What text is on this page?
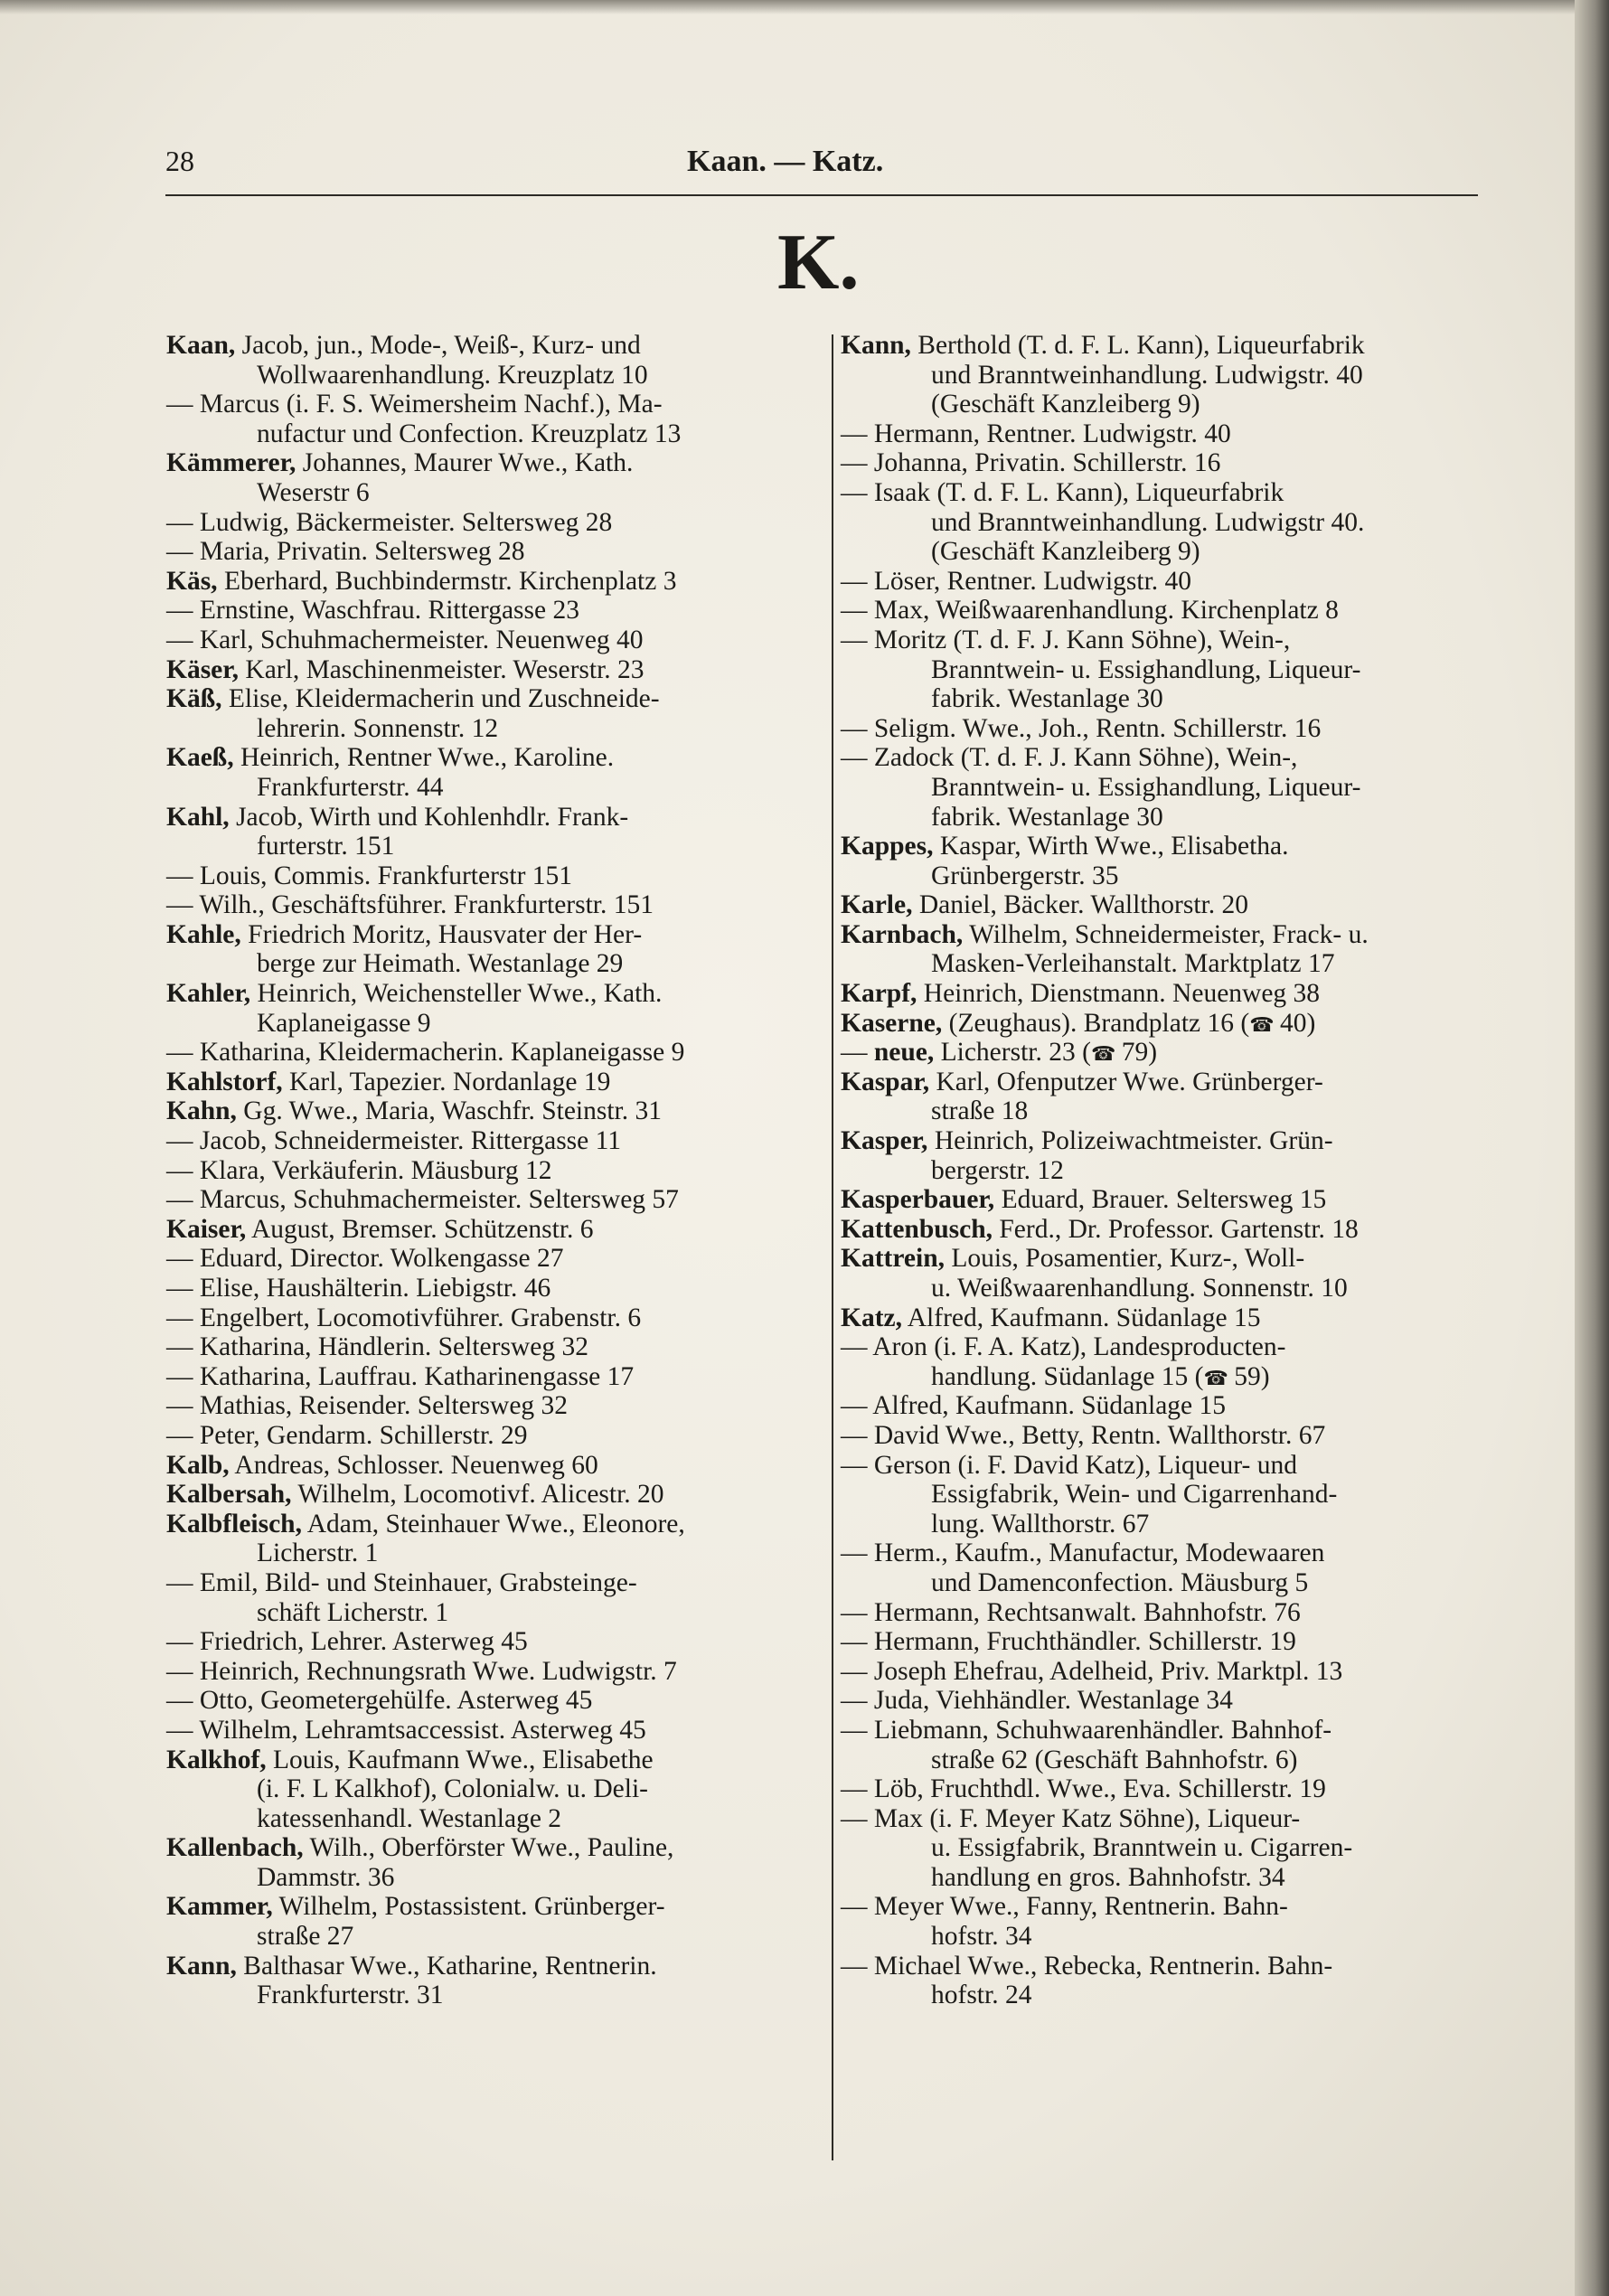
28	Kaan. — Katz.
K.
Kaan, Jacob, jun., Mode-, Weiß-, Kurz- und
Wollwaarenhandlung. Kreuzplatz 10
— Marcus (i. F. S. Weimersheim Nachf.), Ma-
nufactur und Confection. Kreuzplatz 13
Kämmerer, Johannes, Maurer Wwe., Kath.
Weserstr 6
— Ludwig, Bäckermeister. Seltersweg 28
— Maria, Privatin. Seltersweg 28
Käs, Eberhard, Buchbindermstr. Kirchenplatz 3
— Ernstine, Waschfrau. Rittergasse 23
— Karl, Schuhmachermeister. Neuenweg 40
Käser, Karl, Maschinenmeister. Weserstr. 23
Käß, Elise, Kleidermacherin und Zuschneide-
lehrerin. Sonnenstr. 12
Kaeß, Heinrich, Rentner Wwe., Karoline.
Frankfurterstr. 44
Kahl, Jacob, Wirth und Kohlenhdlr. Frank-
furterstr. 151
— Louis, Commis. Frankfurterstr 151
— Wilh., Geschäftsführer. Frankfurterstr. 151
Kahle, Friedrich Moritz, Hausvater der Her-
berge zur Heimath. Westanlage 29
Kahler, Heinrich, Weichensteller Wwe., Kath.
Kaplaneigasse 9
— Katharina, Kleidermacherin. Kaplaneigasse 9
Kahlstorf, Karl, Tapezier. Nordanlage 19
Kahn, Gg. Wwe., Maria, Waschfr. Steinstr. 31
— Jacob, Schneidermeister. Rittergasse 11
— Klara, Verkäuferin. Mäusburg 12
— Marcus, Schuhmachermeister. Seltersweg 57
Kaiser, August, Bremser. Schützenstr. 6
— Eduard, Director. Wolkengasse 27
— Elise, Haushälterin. Liebigstr. 46
— Engelbert, Locomotivführer. Grabenstr. 6
— Katharina, Händlerin. Seltersweg 32
— Katharina, Lauffrau. Katharinengasse 17
— Mathias, Reisender. Seltersweg 32
— Peter, Gendarm. Schillerstr. 29
Kalb, Andreas, Schlosser. Neuenweg 60
Kalbersah, Wilhelm, Locomotivf. Alicestr. 20
Kalbfleisch, Adam, Steinhauer Wwe., Eleonore,
Licherstr. 1
— Emil, Bild- und Steinhauer, Grabsteinge-
schäft Licherstr. 1
— Friedrich, Lehrer. Asterweg 45
— Heinrich, Rechnungsrath Wwe. Ludwigstr. 7
— Otto, Geometergehülfe. Asterweg 45
— Wilhelm, Lehramtsaccessist. Asterweg 45
Kalkhof, Louis, Kaufmann Wwe., Elisabethe
(i. F. L Kalkhof), Colonialw. u. Deli-
katessenhandl. Westanlage 2
Kallenbach, Wilh., Oberförster Wwe., Pauline,
Dammstr. 36
Kammer, Wilhelm, Postassistent. Grünberger-
straße 27
Kann, Balthasar Wwe., Katharine, Rentnerin.
Frankfurterstr. 31
Kann, Berthold (T. d. F. L. Kann), Liqueurfabrik
und Branntweinhandlung. Ludwigstr. 40
(Geschäft Kanzleiberg 9)
— Hermann, Rentner. Ludwigstr. 40
— Johanna, Privatin. Schillerstr. 16
— Isaak (T. d. F. L. Kann), Liqueurfabrik
und Branntweinhandlung. Ludwigstr 40.
(Geschäft Kanzleiberg 9)
— Löser, Rentner. Ludwigstr. 40
— Max, Weißwaarenhandlung. Kirchenplatz 8
— Moritz (T. d. F. J. Kann Söhne), Wein-,
Branntwein- u. Essighandlung, Liqueur-
fabrik. Westanlage 30
— Seligm. Wwe., Joh., Rentn. Schillerstr. 16
— Zadock (T. d. F. J. Kann Söhne), Wein-,
Branntwein- u. Essighandlung, Liqueur-
fabrik. Westanlage 30
Kappes, Kaspar, Wirth Wwe., Elisabetha.
Grünbergerstr. 35
Karle, Daniel, Bäcker. Wallthorstr. 20
Karnbach, Wilhelm, Schneidermeister, Frack- u.
Masken-Verleihanstalt. Marktplatz 17
Karpf, Heinrich, Dienstmann. Neuenweg 38
Kaserne, (Zeughaus). Brandplatz 16 (☎ 40)
— neue, Licherstr. 23 (☎ 79)
Kaspar, Karl, Ofenputzer Wwe. Grünberger-
straße 18
Kasper, Heinrich, Polizeiwachtmeister. Grün-
bergerstr. 12
Kasperbauer, Eduard, Brauer. Seltersweg 15
Kattenbusch, Ferd., Dr. Professor. Gartenstr. 18
Kattrein, Louis, Posamentier, Kurz-, Woll-
u. Weißwaarenhandlung. Sonnenstr. 10
Katz, Alfred, Kaufmann. Südanlage 15
— Aron (i. F. A. Katz), Landesproducten-
handlung. Südanlage 15 (☎ 59)
— Alfred, Kaufmann. Südanlage 15
— David Wwe., Betty, Rentn. Wallthorstr. 67
— Gerson (i. F. David Katz), Liqueur- und
Essigfabrik, Wein- und Cigarrenhand-
lung. Wallthorstr. 67
— Herm., Kaufm., Manufactur, Modewaaren
und Damenconfection. Mäusburg 5
— Hermann, Rechtsanwalt. Bahnhofstr. 76
— Hermann, Fruchthändler. Schillerstr. 19
— Joseph Ehefrau, Adelheid, Priv. Marktpl. 13
— Juda, Viehhändler. Westanlage 34
— Liebmann, Schuhwaarenhändler. Bahnhof-
straße 62 (Geschäft Bahnhofstr. 6)
— Löb, Fruchthdl. Wwe., Eva. Schillerstr. 19
— Max (i. F. Meyer Katz Söhne), Liqueur-
u. Essigfabrik, Branntwein u. Cigarren-
handlung en gros. Bahnhofstr. 34
— Meyer Wwe., Fanny, Rentnerin. Bahn-
hofstr. 34
— Michael Wwe., Rebecka, Rentnerin. Bahn-
hofstr. 24
